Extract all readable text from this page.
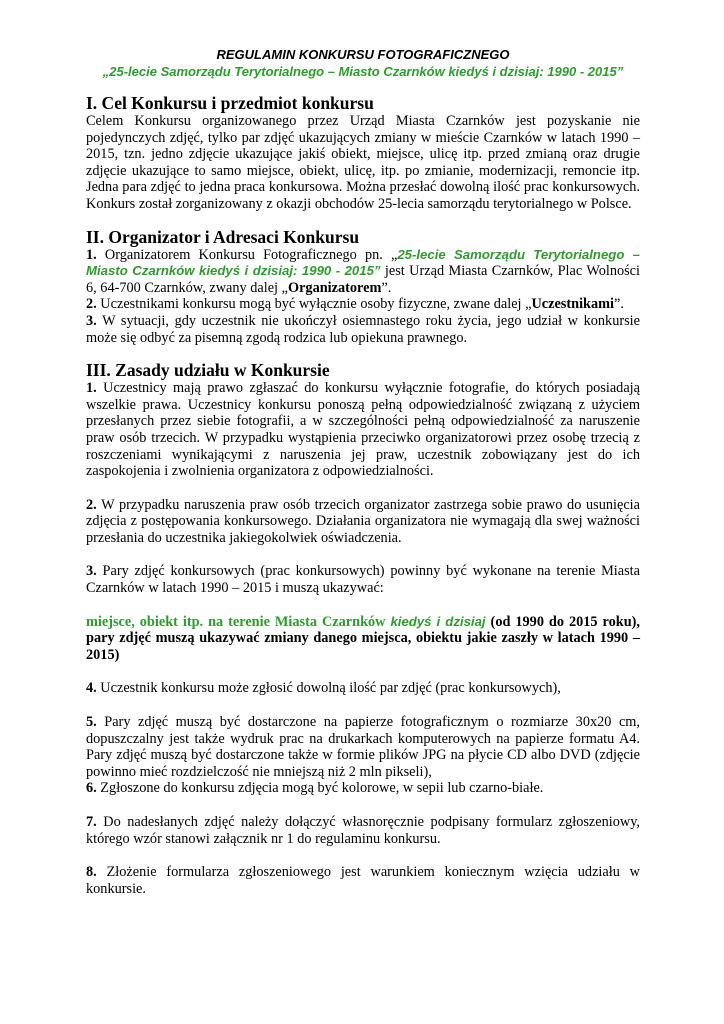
REGULAMIN KONKURSU FOTOGRAFICZNEGO
„25-lecie Samorządu Terytorialnego – Miasto Czarnków kiedyś i dzisiaj: 1990 - 2015”
I. Cel Konkursu i przedmiot konkursu

Celem Konkursu organizowanego przez Urząd Miasta Czarnków jest pozyskanie nie pojedynczych zdjęć, tylko par zdjęć ukazujących zmiany w mieście Czarnków w latach 1990 – 2015, tzn. jedno zdjęcie ukazujące jakiś obiekt, miejsce, ulicę itp. przed zmianą oraz drugie zdjęcie ukazujące to samo miejsce, obiekt, ulicę, itp. po zmianie, modernizacji, remoncie itp. Jedna para zdjęć to jedna praca konkursowa. Można przesłać dowolną ilość prac konkursowych. Konkurs został zorganizowany z okazji obchodów 25-lecia samorządu terytorialnego w Polsce.

II. Organizator i Adresaci Konkursu

1. Organizatorem Konkursu Fotograficznego pn. „25-lecie Samorządu Terytorialnego – Miasto Czarnków kiedyś i dzisiaj: 1990 - 2015” jest Urząd Miasta Czarnków, Plac Wolności 6, 64-700 Czarnków, zwany dalej „Organizatorem”.

2. Uczestnikami konkursu mogą być wyłącznie osoby fizyczne, zwane dalej „Uczestnikami”.

3. W sytuacji, gdy uczestnik nie ukończył osiemnastego roku życia, jego udział w konkursie może się odbyć za pisemną zgodą rodzica lub opiekuna prawnego.

III. Zasady udziału w Konkursie

1. Uczestnicy mają prawo zgłaszać do konkursu wyłącznie fotografie, do których posiadają wszelkie prawa. Uczestnicy konkursu ponoszą pełną odpowiedzialność związaną z użyciem przesłanych przez siebie fotografii, a w szczególności pełną odpowiedzialność za naruszenie praw osób trzecich. W przypadku wystąpienia przeciwko organizatorowi przez osobę trzecią z roszczeniami wynikającymi z naruszenia jej praw, uczestnik zobowiązany jest do ich zaspokojenia i zwolnienia organizatora z odpowiedzialności.

2. W przypadku naruszenia praw osób trzecich organizator zastrzega sobie prawo do usunięcia zdjęcia z postępowania konkursowego. Działania organizatora nie wymagają dla swej ważności przesłania do uczestnika jakiegokolwiek oświadczenia.

3. Pary zdjęć konkursowych (prac konkursowych) powinny być wykonane na terenie Miasta Czarnków w latach 1990 – 2015 i muszą ukazywać:

miejsce, obiekt itp. na terenie Miasta Czarnków kiedyś i dzisiaj (od 1990 do 2015 roku), pary zdjęć muszą ukazywać zmiany danego miejsca, obiektu jakie zaszły w latach 1990 – 2015)

4. Uczestnik konkursu może zgłosić dowolną ilość par zdjęć (prac konkursowych),

5. Pary zdjęć muszą być dostarczone na papierze fotograficznym o rozmiarze 30x20 cm, dopuszczalny jest także wydruk prac na drukarkach komputerowych na papierze formatu A4. Pary zdjęć muszą być dostarczone także w formie plików JPG na płycie CD albo DVD (zdjęcie powinno mieć rozdzielczość nie mniejszą niż 2 mln pikseli),

6. Zgłoszone do konkursu zdjęcia mogą być kolorowe, w sepii lub czarno-białe.

7. Do nadesłanych zdjęć należy dołączyć własnoręcznie podpisany formularz zgłoszeniowy, którego wzór stanowi załącznik nr 1 do regulaminu konkursu.

8. Złożenie formularza zgłoszeniowego jest warunkiem koniecznym wzięcia udziału w konkursie.
